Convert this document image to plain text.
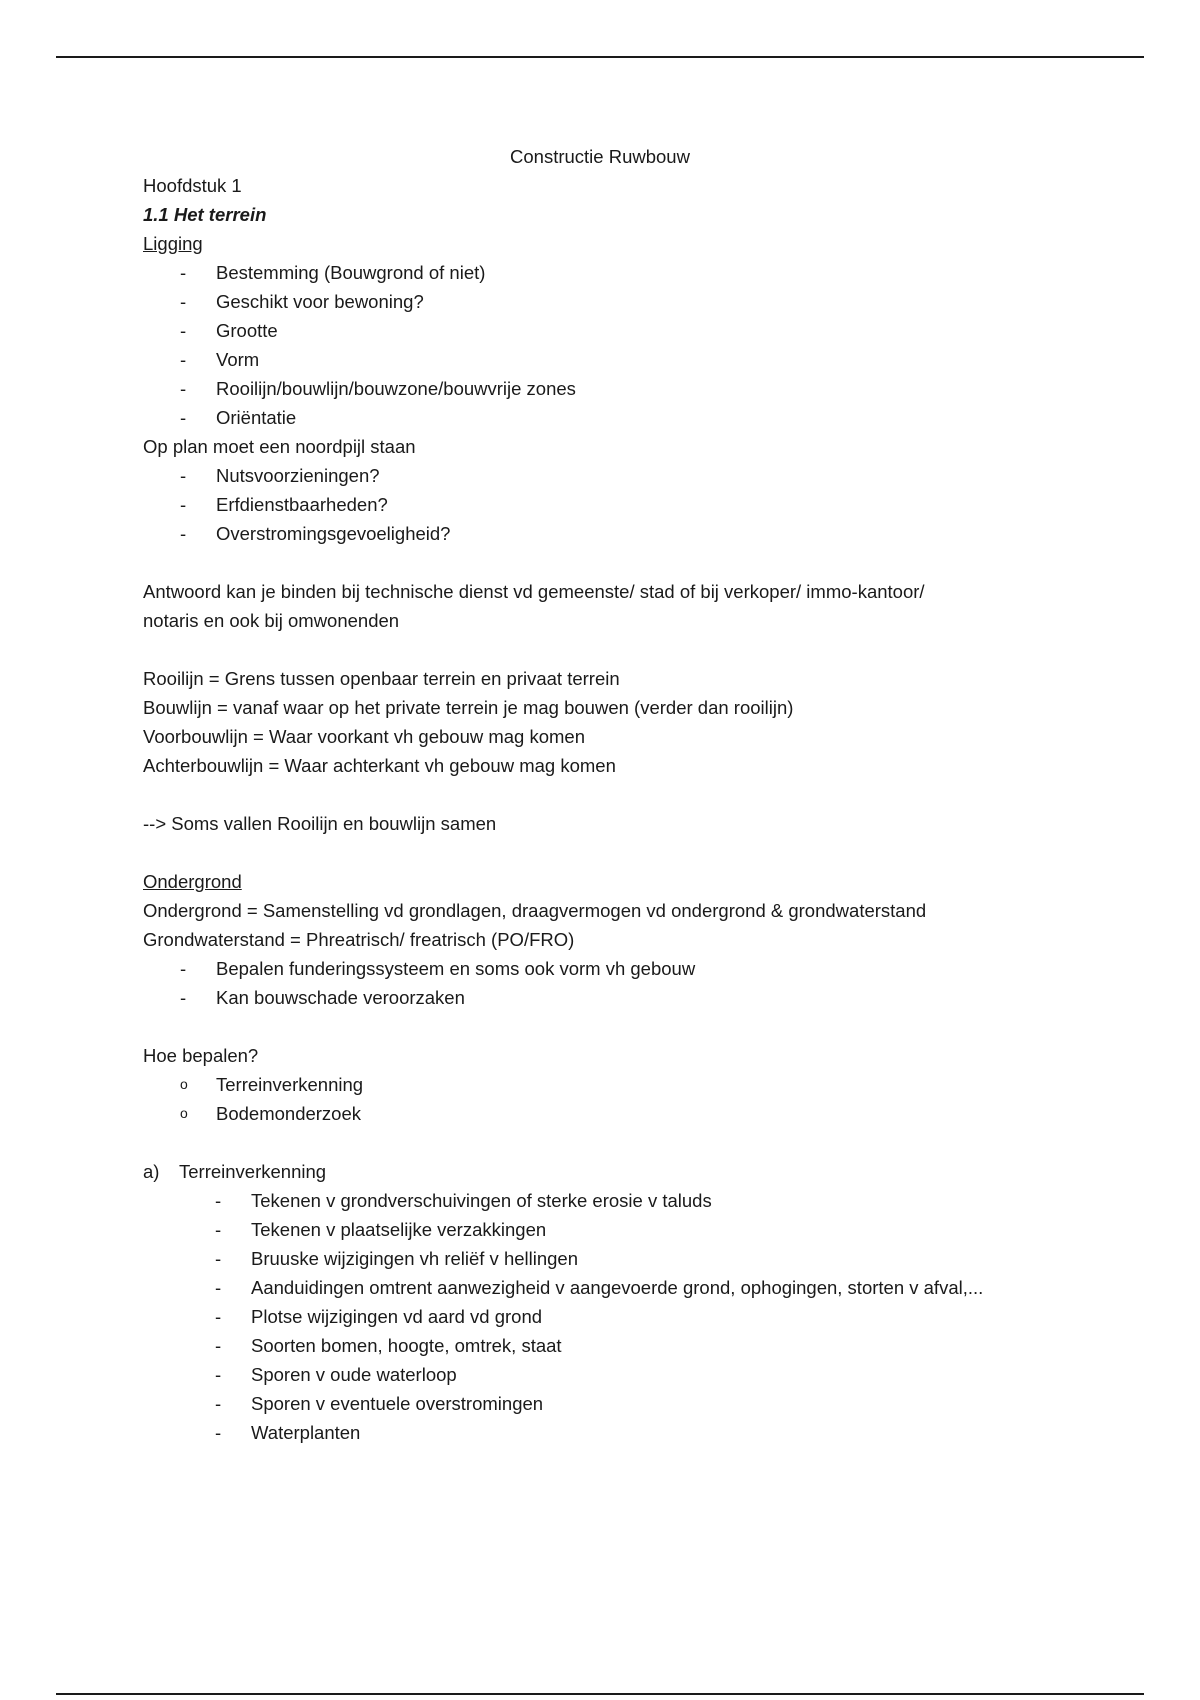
Constructie Ruwbouw
Hoofdstuk 1
1.1 Het terrein
Ligging
-	Bestemming (Bouwgrond of niet)
-	Geschikt voor bewoning?
-	Grootte
-	Vorm
-	Rooilijn/bouwlijn/bouwzone/bouwvrije zones
-	Oriëntatie
Op plan moet een noordpijl staan
-	Nutsvoorzieningen?
-	Erfdienstbaarheden?
-	Overstromingsgevoeligheid?
Antwoord kan je binden bij technische dienst vd gemeenste/ stad of bij verkoper/ immo-kantoor/
notaris en ook bij omwonenden
Rooilijn = Grens tussen openbaar terrein en privaat terrein
Bouwlijn = vanaf waar op het private terrein je mag bouwen (verder dan rooilijn)
Voorbouwlijn = Waar voorkant vh gebouw mag komen
Achterbouwlijn = Waar achterkant vh gebouw mag komen
--> Soms vallen Rooilijn en bouwlijn samen
Ondergrond
Ondergrond = Samenstelling vd grondlagen, draagvermogen vd ondergrond & grondwaterstand
Grondwaterstand = Phreatrisch/ freatrisch (PO/FRO)
-	Bepalen funderingssysteem en soms ook vorm vh gebouw
-	Kan bouwschade veroorzaken
Hoe bepalen?
o	Terreinverkenning
o	Bodemonderzoek
a) Terreinverkenning
-	Tekenen v grondverschuivingen of sterke erosie v taluds
-	Tekenen v plaatselijke verzakkingen
-	Bruuske wijzigingen vh reliëf v hellingen
-	Aanduidingen omtrent aanwezigheid v aangevoerde grond, ophogingen, storten v afval,...
-	Plotse wijzigingen vd aard vd grond
-	Soorten bomen, hoogte, omtrek, staat
-	Sporen v oude waterloop
-	Sporen v eventuele overstromingen
-	Waterplanten
